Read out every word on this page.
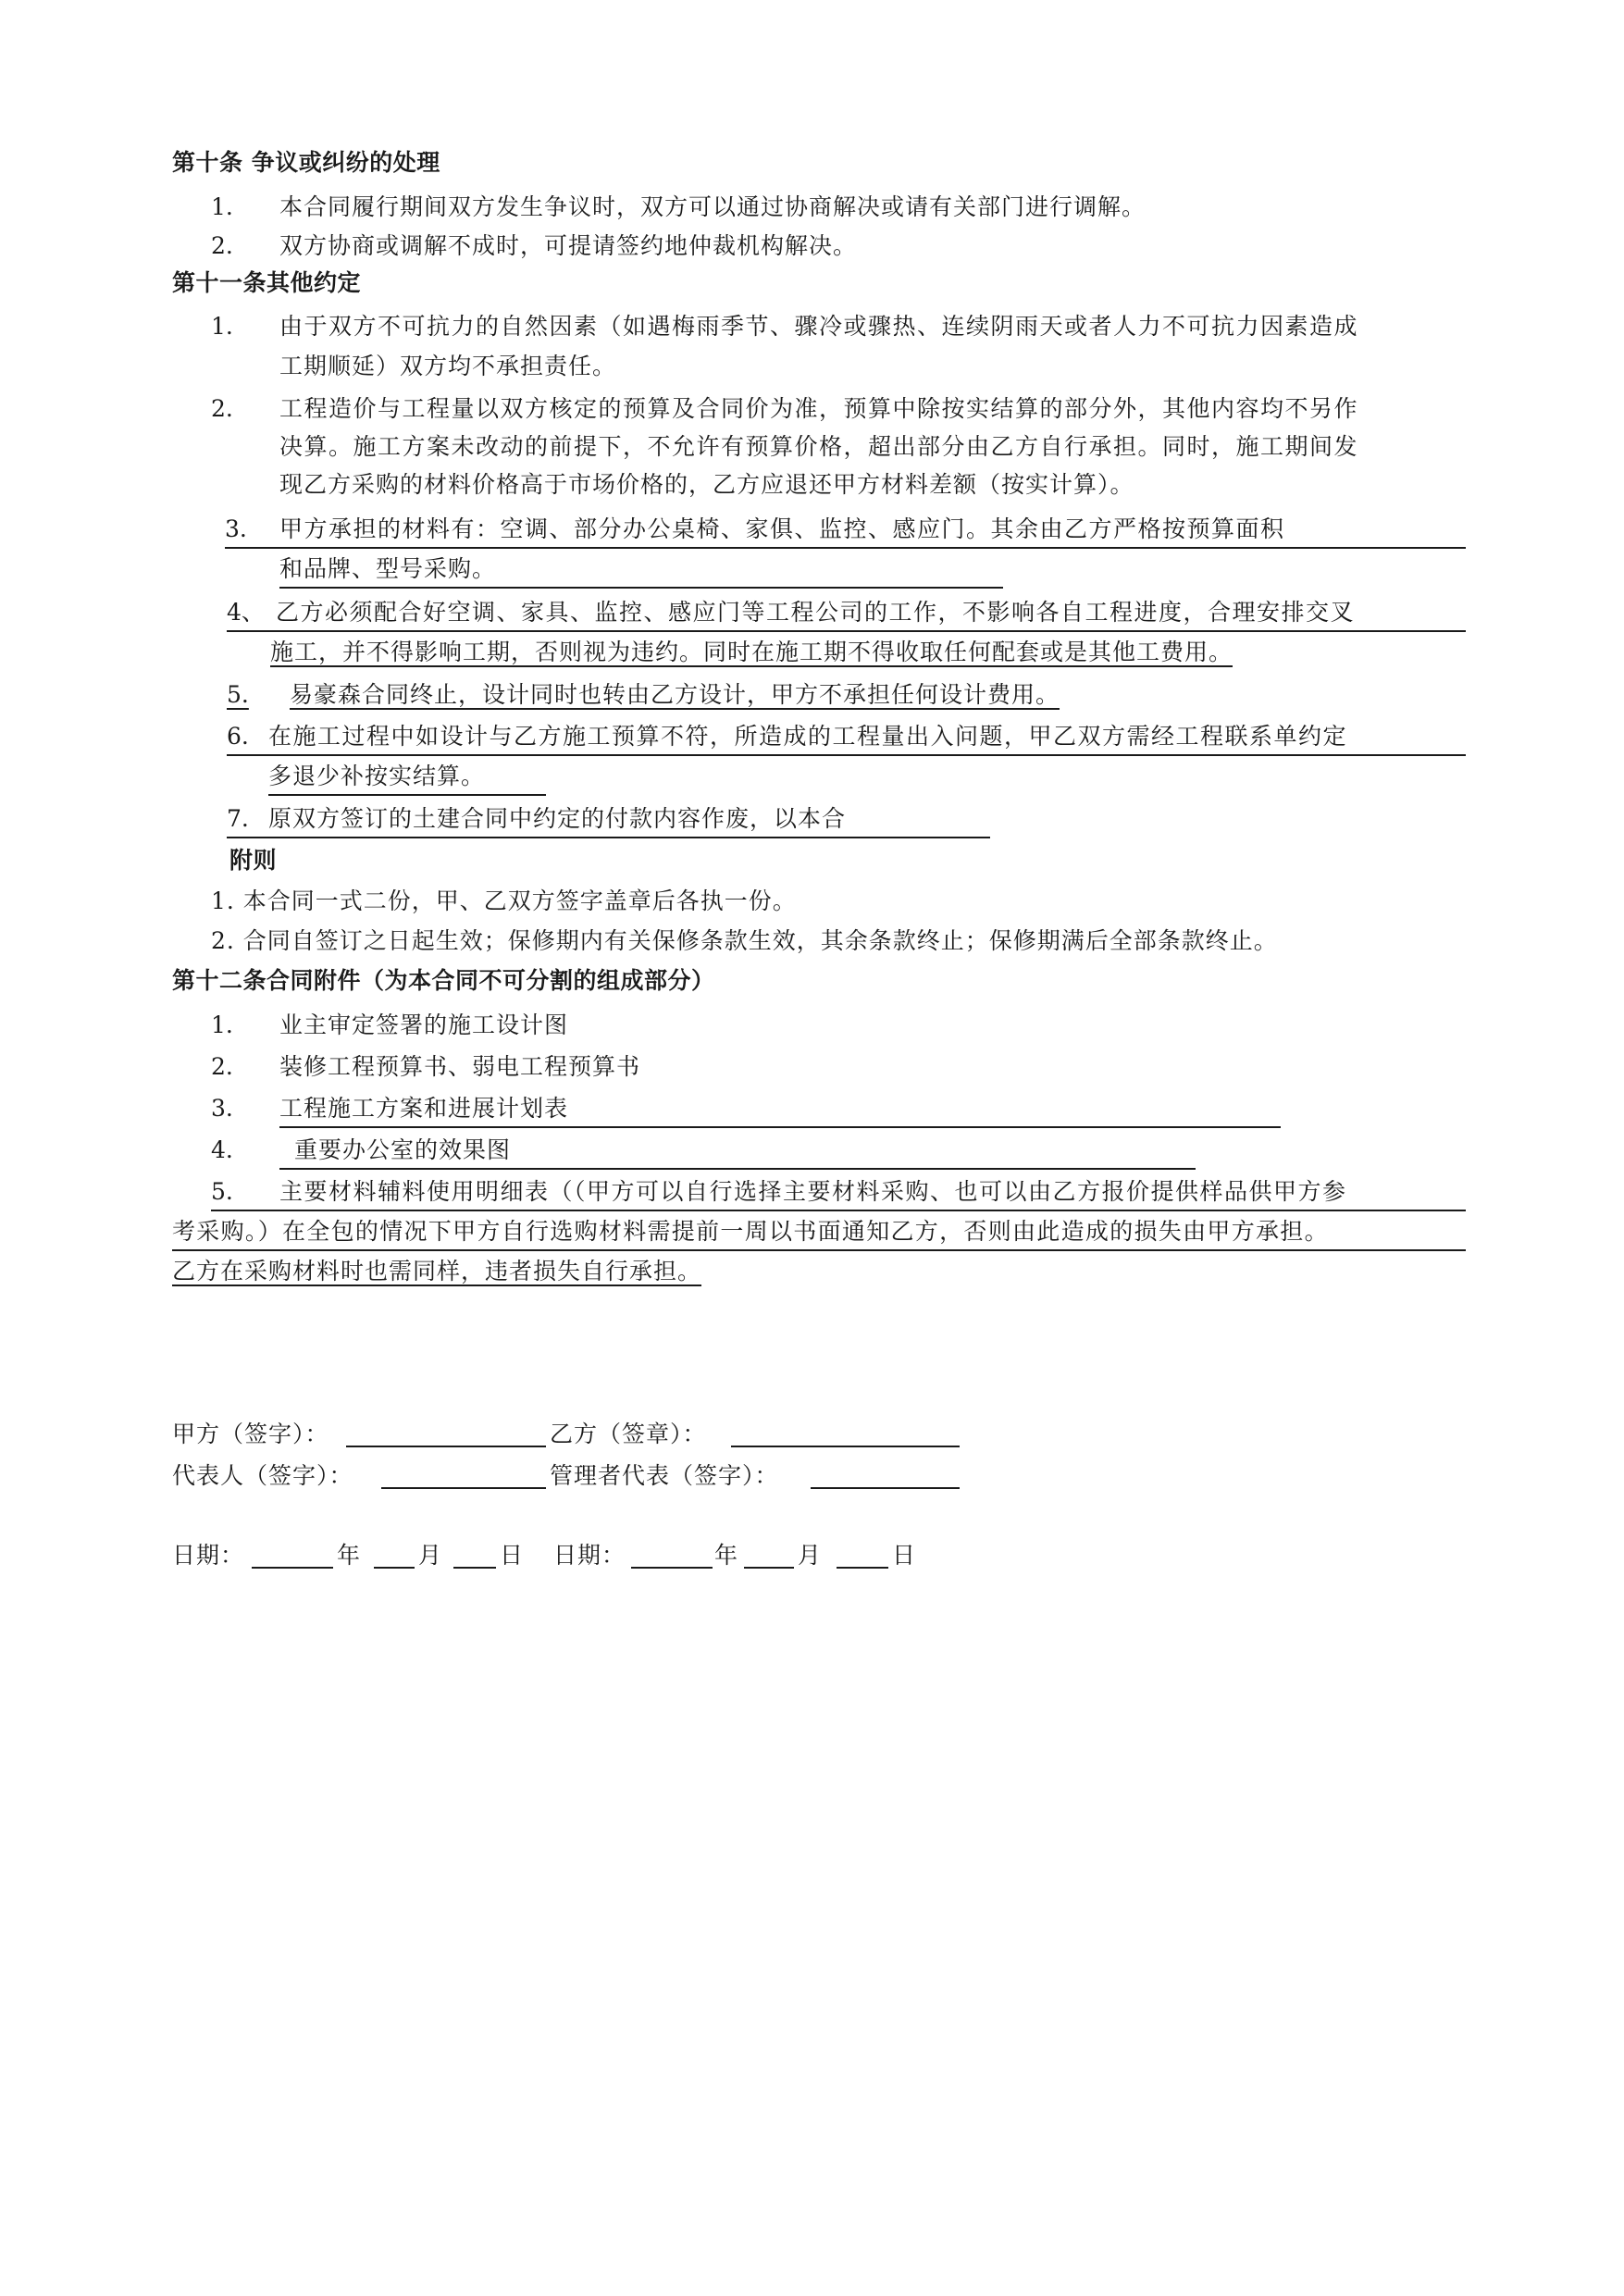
第十条 争议或纠纷的处理
1. 本合同履行期间双方发生争议时，双方可以通过协商解决或请有关部门进行调解。
2. 双方协商或调解不成时，可提请签约地仲裁机构解决。
第十一条其他约定
1. 由于双方不可抗力的自然因素（如遇梅雨季节、骤冷或骤热、连续阴雨天或者人力不可抗力因素造成
工期顺延）双方均不承担责任。
2. 工程造价与工程量以双方核定的预算及合同价为准，预算中除按实结算的部分外，其他内容均不另作
决算。施工方案未改动的前提下，不允许有预算价格，超出部分由乙方自行承担。同时，施工期间发
现乙方采购的材料价格高于市场价格的，乙方应退还甲方材料差额（按实计算）。
3. 甲方承担的材料有：空调、部分办公桌椅、家俱、监控、感应门。其余由乙方严格按预算面积
和品牌、型号采购。
4、 乙方必须配合好空调、家具、监控、感应门等工程公司的工作，不影响各自工程进度，合理安排交叉
施工，并不得影响工期，否则视为违约。同时在施工期不得收取任何配套或是其他工费用。
5. 易豪森合同终止，设计同时也转由乙方设计，甲方不承担任何设计费用。
6. 在施工过程中如设计与乙方施工预算不符，所造成的工程量出入问题，甲乙双方需经工程联系单约定
多退少补按实结算。
7. 原双方签订的土建合同中约定的付款内容作废，以本合
附则
1. 本合同一式二份，甲、乙双方签字盖章后各执一份。
2. 合同自签订之日起生效；保修期内有关保修条款生效，其余条款终止；保修期满后全部条款终止。
第十二条合同附件（为本合同不可分割的组成部分）
1. 业主审定签署的施工设计图
2. 装修工程预算书、弱电工程预算书
3. 工程施工方案和进展计划表
4.	重要办公室的效果图
5. 主要材料辅料使用明细表（（甲方可以自行选择主要材料采购、也可以由乙方报价提供样品供甲方参
考采购。）在全包的情况下甲方自行选购材料需提前一周以书面通知乙方，否则由此造成的损失由甲方承担。
乙方在采购材料时也需同样，违者损失自行承担。
甲方（签字）：	乙方（签章）：
代表人（签字）：	管理者代表（签字）：
日期：	年 月 日 日期：	年	月	日
